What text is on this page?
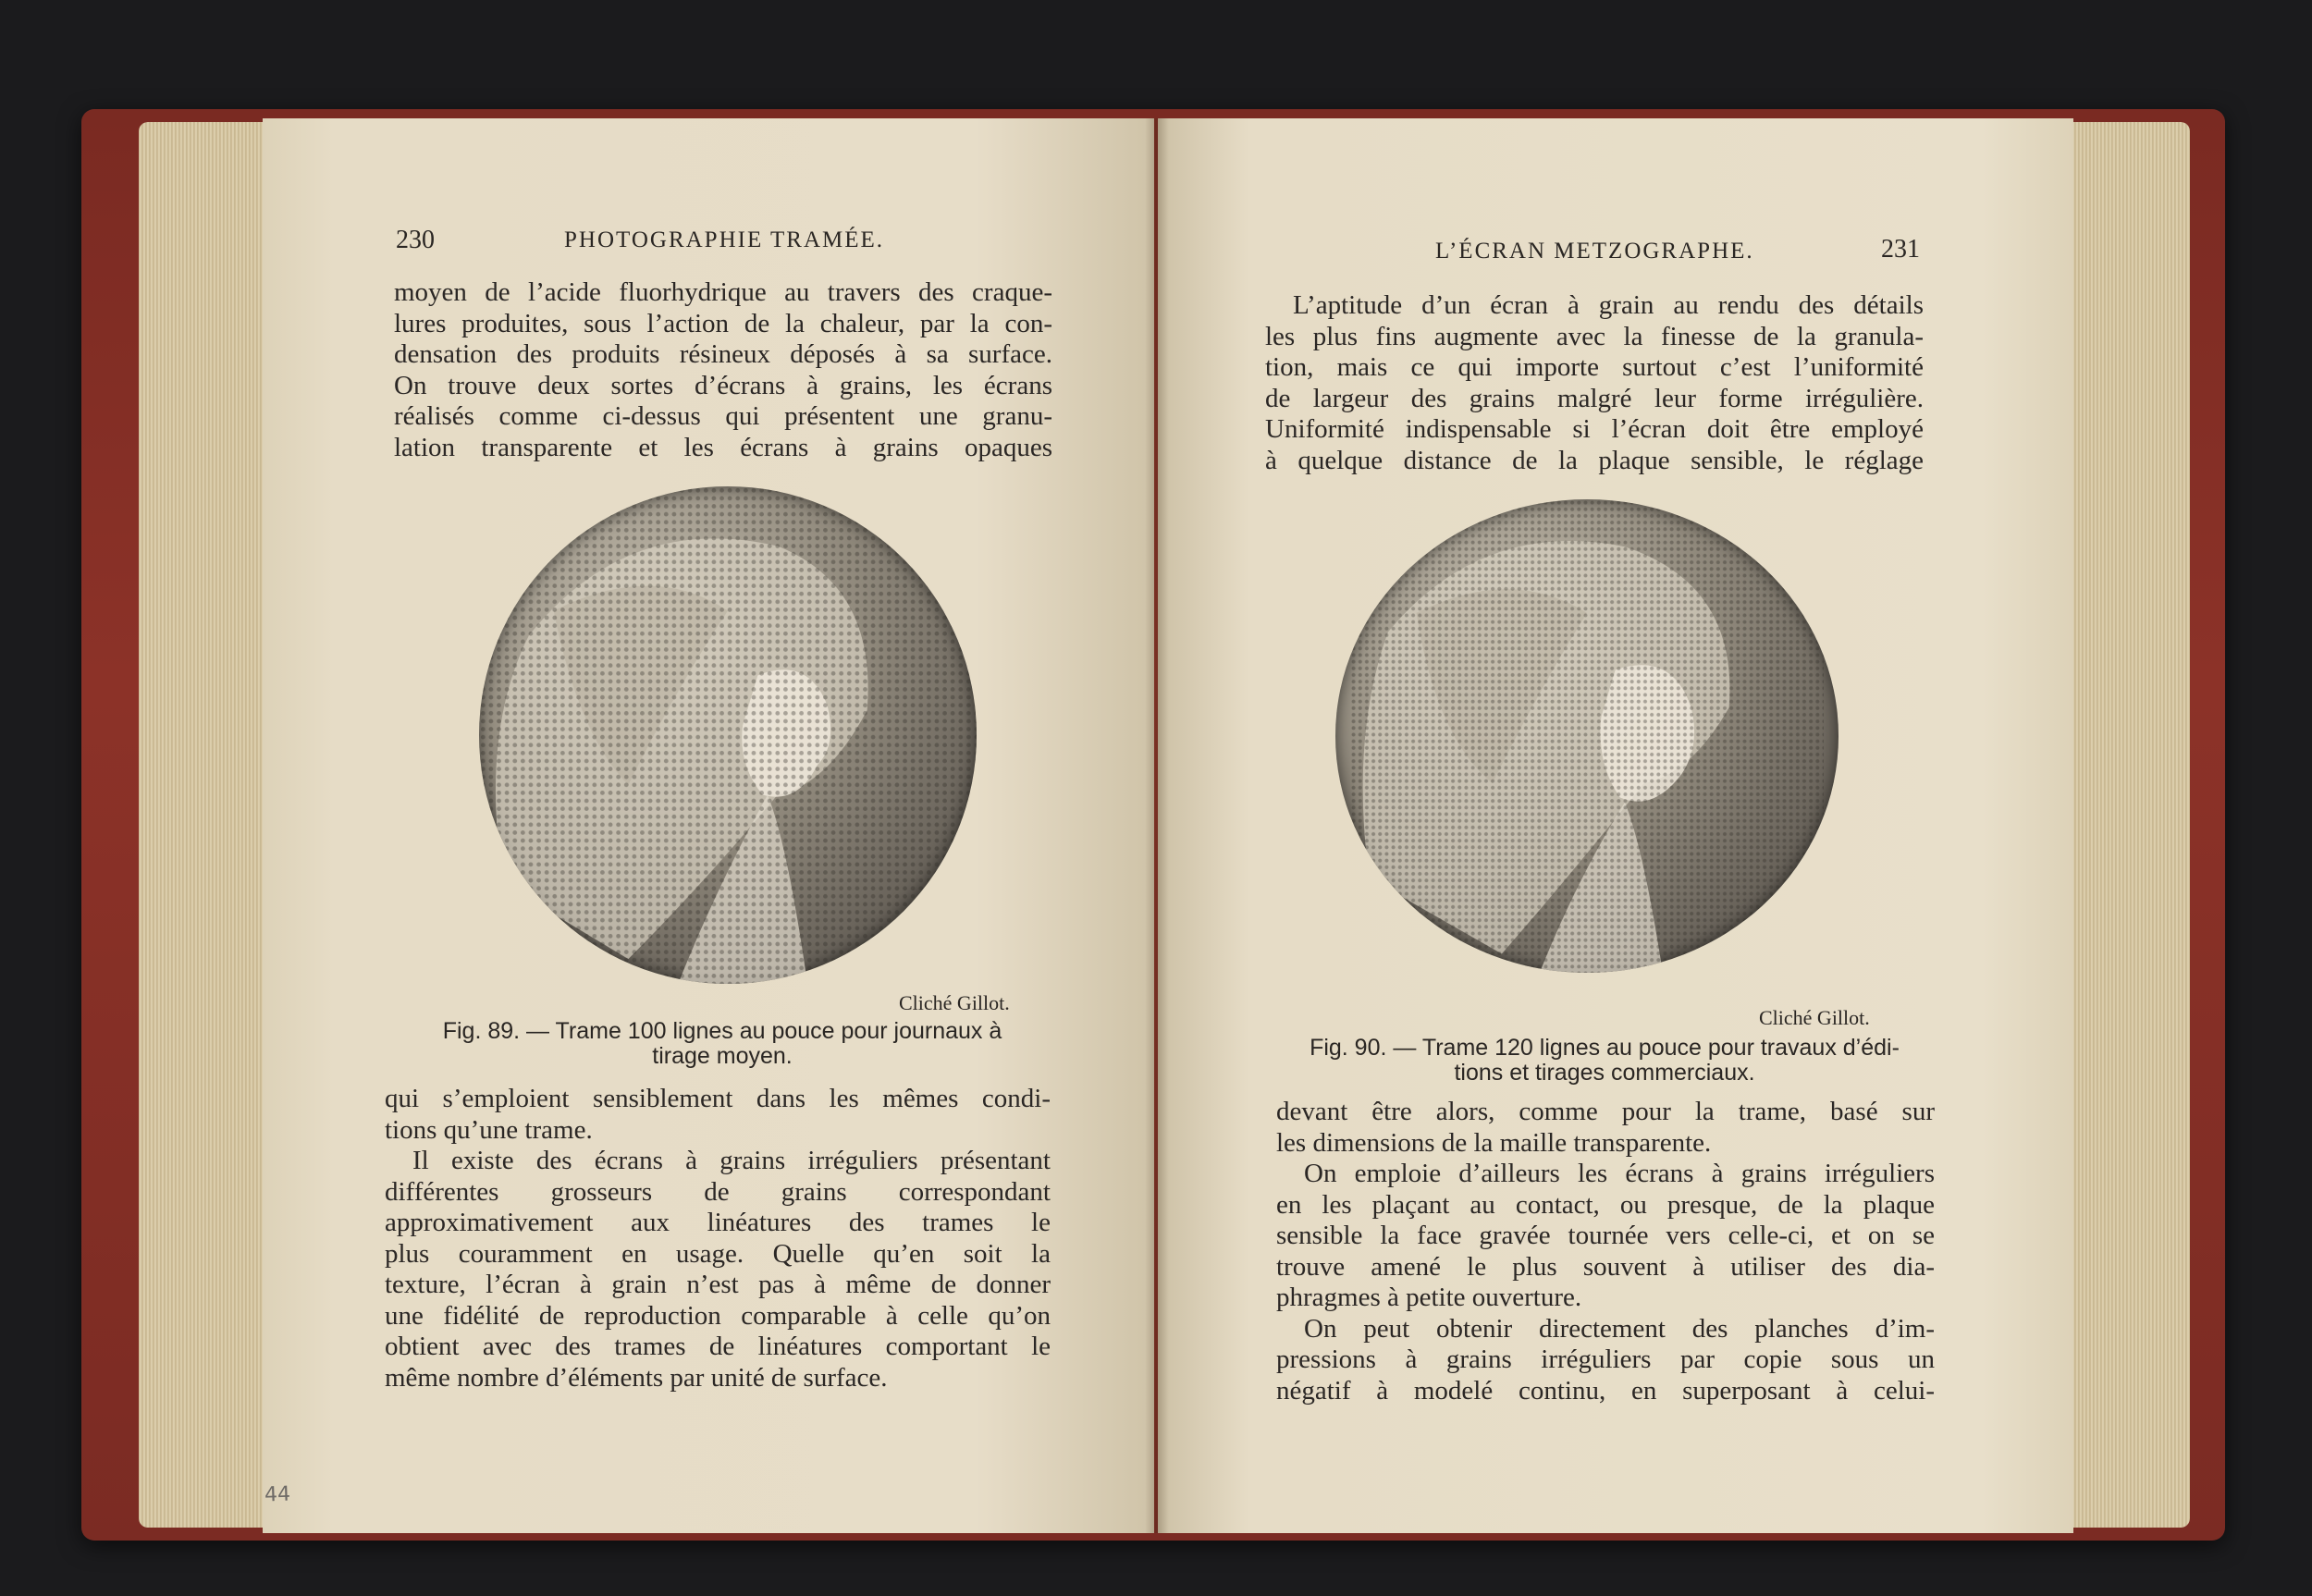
230	PHOTOGRAPHIE TRAMÉE.

moyen de l’acide fluorhydrique au travers des craque-

lures produites, sous l’action de la chaleur, par la con-

densation des produits résineux déposés à sa surface.

On trouve deux sortes d’écrans à grains, les écrans

réalisés comme ci-dessus qui présentent une granu-

lation transparente et les écrans à grains opaques

Cliché Gillot.
Fig. 89. — Trame 100 lignes au pouce pour journaux à
tirage moyen.

qui s’emploient sensiblement dans les mêmes condi-

tions qu’une trame.

Il existe des écrans à grains irréguliers présentant

différentes grosseurs de grains correspondant

approximativement aux linéatures des trames le

plus couramment en usage. Quelle qu’en soit la

texture, l’écran à grain n’est pas à même de donner

une fidélité de reproduction comparable à celle qu’on

obtient avec des trames de linéatures comportant le

même nombre d’éléments par unité de surface.

44
L’ÉCRAN METZOGRAPHE.	231

L’aptitude d’un écran à grain au rendu des détails

les plus fins augmente avec la finesse de la granula-

tion, mais ce qui importe surtout c’est l’uniformité

de largeur des grains malgré leur forme irrégulière.

Uniformité indispensable si l’écran doit être employé

à quelque distance de la plaque sensible, le réglage

Cliché Gillot.
Fig. 90. — Trame 120 lignes au pouce pour travaux d’édi-
tions et tirages commerciaux.

devant être alors, comme pour la trame, basé sur

les dimensions de la maille transparente.

On emploie d’ailleurs les écrans à grains irréguliers

en les plaçant au contact, ou presque, de la plaque

sensible la face gravée tournée vers celle-ci, et on se

trouve amené le plus souvent à utiliser des dia-

phragmes à petite ouverture.

On peut obtenir directement des planches d’im-

pressions à grains irréguliers par copie sous un

négatif à modelé continu, en superposant à celui-
